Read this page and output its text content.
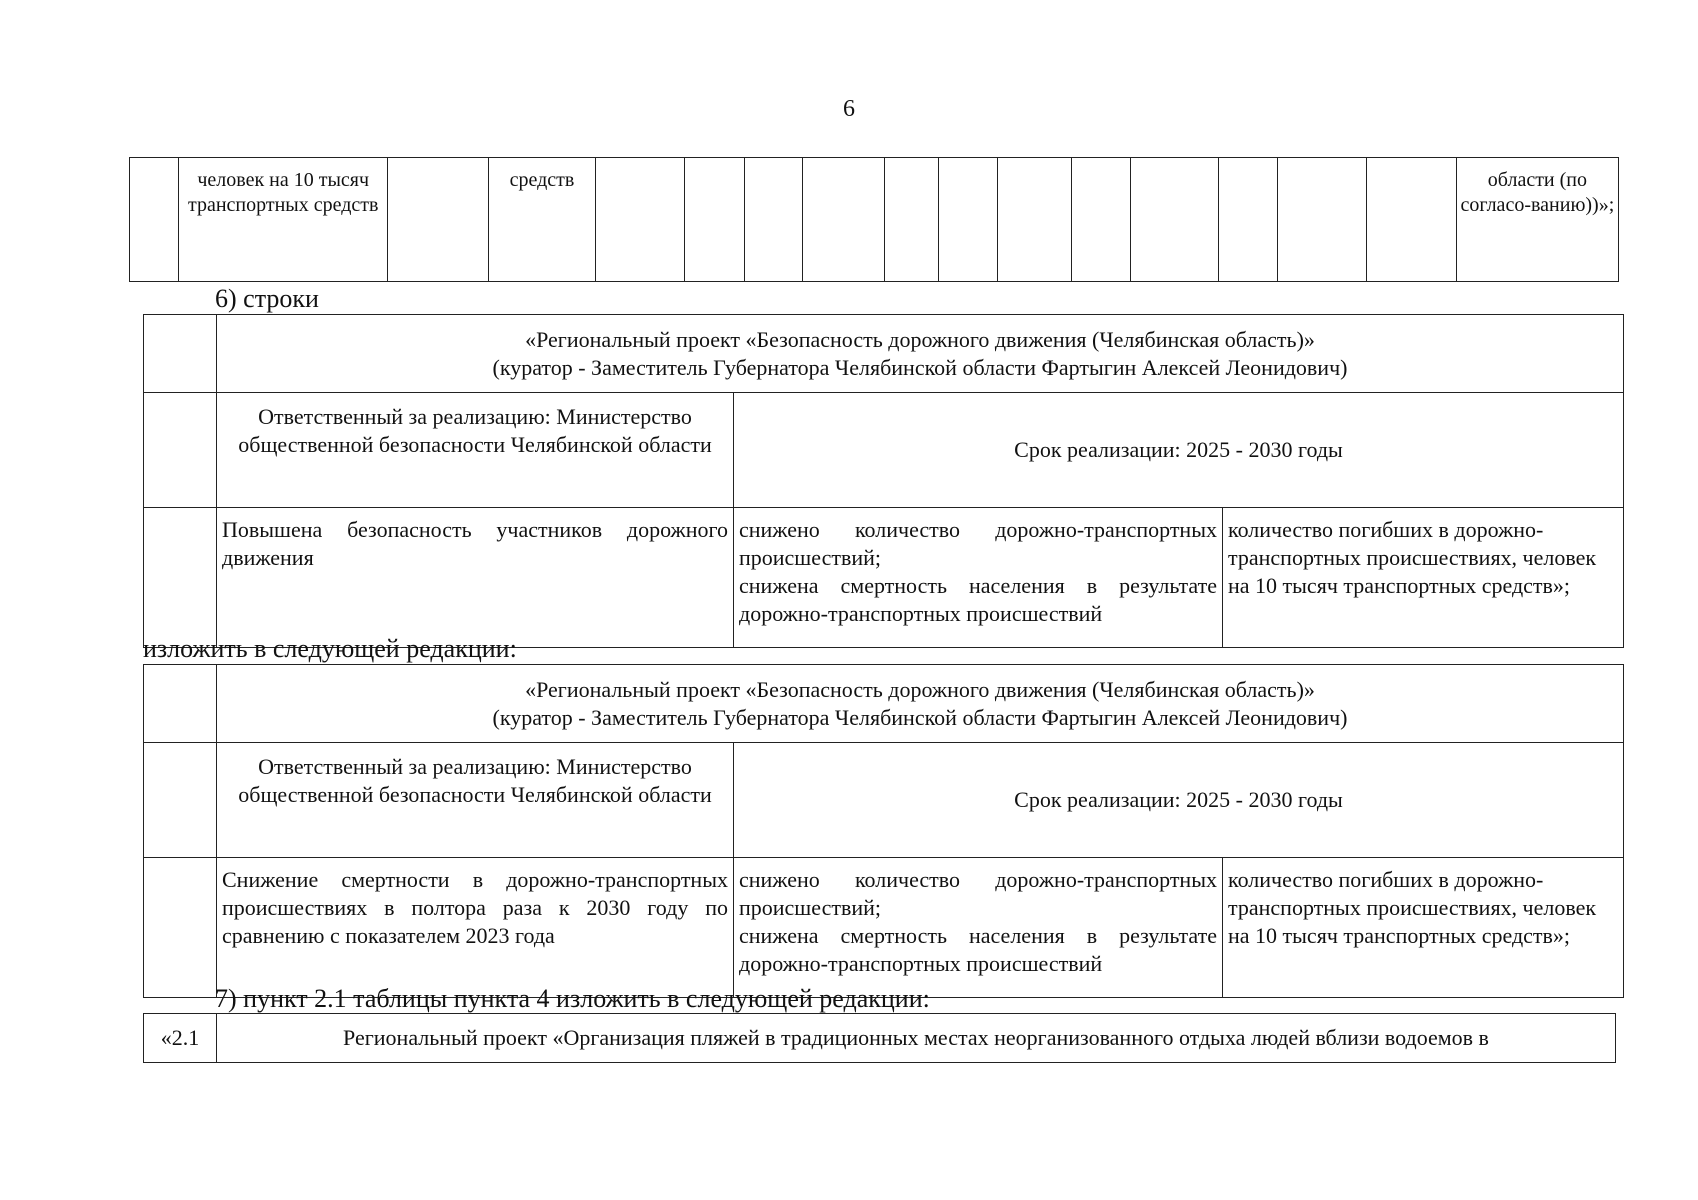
6
	человек на 10 тысяч транспортных средств		средств														области (по согласо-ванию))»;
6) строки

	«Региональный проект «Безопасность дорожного движения (Челябинская область)»
(куратор - Заместитель Губернатора Челябинской области Фартыгин Алексей Леонидович)		

	Ответственный за реализацию: Министерство общественной безопасности Челябинской области	Срок реализации: 2025 - 2030 годы	
	Повышена безопасность участников дорожного движения	снижено количество дорожно-транспортных происшествий;
снижена смертность населения в результате дорожно-транспортных происшествий	количество погибших в дорожно-транспортных происшествиях, человек на 10 тысяч транспортных средств»;
изложить в следующей редакции:

	«Региональный проект «Безопасность дорожного движения (Челябинская область)»
(куратор - Заместитель Губернатора Челябинской области Фартыгин Алексей Леонидович)		

	Ответственный за реализацию: Министерство общественной безопасности Челябинской области	Срок реализации: 2025 - 2030 годы	
	Снижение смертности в дорожно-транспортных происшествиях в полтора раза к 2030 году по сравнению с показателем 2023 года	снижено количество дорожно-транспортных происшествий;
снижена смертность населения в результате дорожно-транспортных происшествий	количество погибших в дорожно-транспортных происшествиях, человек на 10 тысяч транспортных средств»;
7) пункт 2.1 таблицы пункта 4 изложить в следующей редакции:
«2.1	Региональный проект «Организация пляжей в традиционных местах неорганизованного отдыха людей вблизи водоемов в
